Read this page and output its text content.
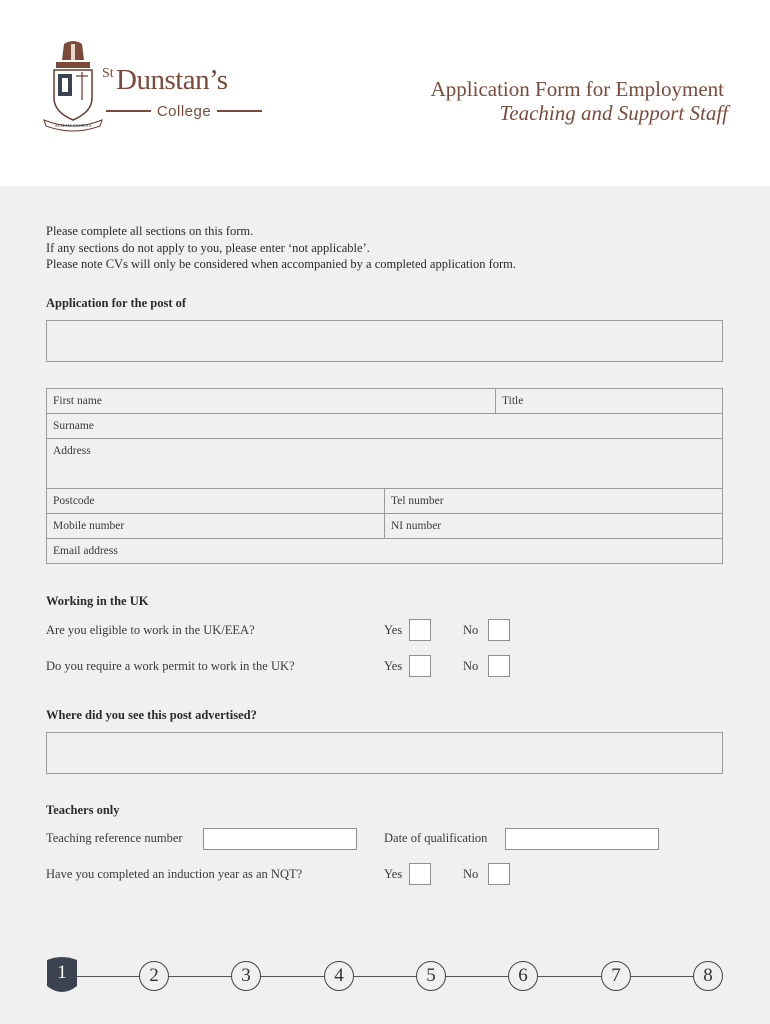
ALMAM EXORNA
St Dunstan’s
College
Application Form for Employment
Teaching and Support Staff
Please complete all sections on this form.
If any sections do not apply to you, please enter ‘not applicable’.
Please note CVs will only be considered when accompanied by a completed application form.
Application for the post of
First name	Title
Surname
Address
Postcode	Tel number
Mobile number	NI number
Email address
Working in the UK
Are you eligible to work in the UK/EEA?	Yes	No
Do you require a work permit to work in the UK?	Yes	No
Where did you see this post advertised?
Teachers only
Teaching reference number	Date of qualification
Have you completed an induction year as an NQT?	Yes	No
1	2	3	4	5	6	7	8
